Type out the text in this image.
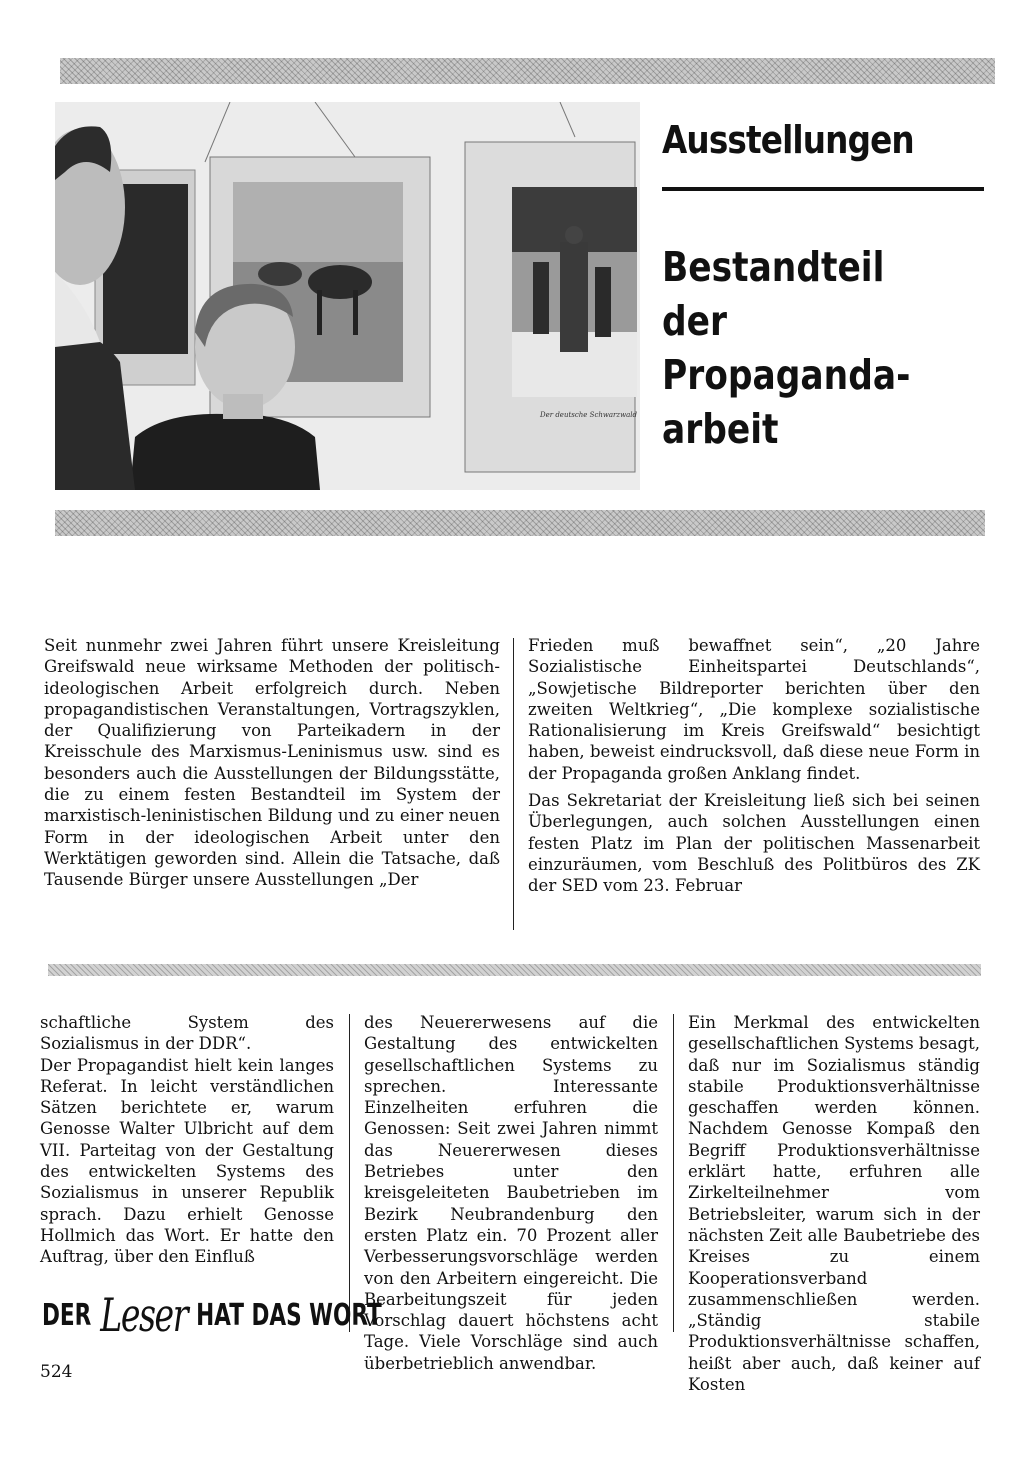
Der deutsche Schwarzwald
Ausstellungen
Bestandteil
der
Propaganda-
arbeit

Seit nunmehr zwei Jahren führt unsere Kreisleitung Greifswald neue wirksame Methoden der politisch-ideologischen Arbeit erfolgreich durch. Neben propagandistischen Veranstaltungen, Vortragszyklen, der Qualifizierung von Parteikadern in der Kreisschule des Marxismus-Leninismus usw. sind es besonders auch die Ausstellungen der Bildungsstätte, die zu einem festen Bestandteil im System der marxistisch-leninistischen Bildung und zu einer neuen Form in der ideologischen Arbeit unter den Werktätigen geworden sind. Allein die Tatsache, daß Tausende Bürger unsere Ausstellungen „Der

Frieden muß bewaffnet sein“, „20 Jahre Sozialistische Einheitspartei Deutschlands“, „Sowjetische Bildreporter berichten über den zweiten Weltkrieg“, „Die komplexe sozialistische Rationalisierung im Kreis Greifswald“ besichtigt haben, beweist eindrucksvoll, daß diese neue Form in der Propaganda großen Anklang findet.

Das Sekretariat der Kreisleitung ließ sich bei seinen Überlegungen, auch solchen Ausstellungen einen festen Platz im Plan der politischen Massenarbeit einzuräumen, vom Beschluß des Politbüros des ZK der SED vom 23. Februar

schaftliche System des Sozialismus in der DDR“.

Der Propagandist hielt kein langes Referat. In leicht verständlichen Sätzen berichtete er, warum Genosse Walter Ulbricht auf dem VII. Parteitag von der Gestaltung des entwickelten Systems des Sozialismus in unserer Republik sprach. Dazu erhielt Genosse Hollmich das Wort. Er hatte den Auftrag, über den Einfluß

des Neuererwesens auf die Gestaltung des entwickelten gesellschaftlichen Systems zu sprechen. Interessante Einzelheiten erfuhren die Genossen: Seit zwei Jahren nimmt das Neuererwesen dieses Betriebes unter den kreisgeleiteten Baubetrieben im Bezirk Neubrandenburg den ersten Platz ein. 70 Prozent aller Verbesserungsvorschläge werden von den Arbeitern eingereicht. Die Bearbeitungszeit für jeden Vorschlag dauert höchstens acht Tage. Viele Vorschläge sind auch überbetrieblich anwendbar.

Ein Merkmal des entwickelten gesellschaftlichen Systems besagt, daß nur im Sozialismus ständig stabile Produktionsverhältnisse geschaffen werden können. Nachdem Genosse Kompaß den Begriff Produktionsverhältnisse erklärt hatte, erfuhren alle Zirkelteilnehmer vom Betriebsleiter, warum sich in der nächsten Zeit alle Baubetriebe des Kreises zu einem Kooperationsverband zusammenschließen werden. „Ständig stabile Produktionsverhältnisse schaffen, heißt aber auch, daß keiner auf Kosten

DER Leser HAT DAS WORT
524
